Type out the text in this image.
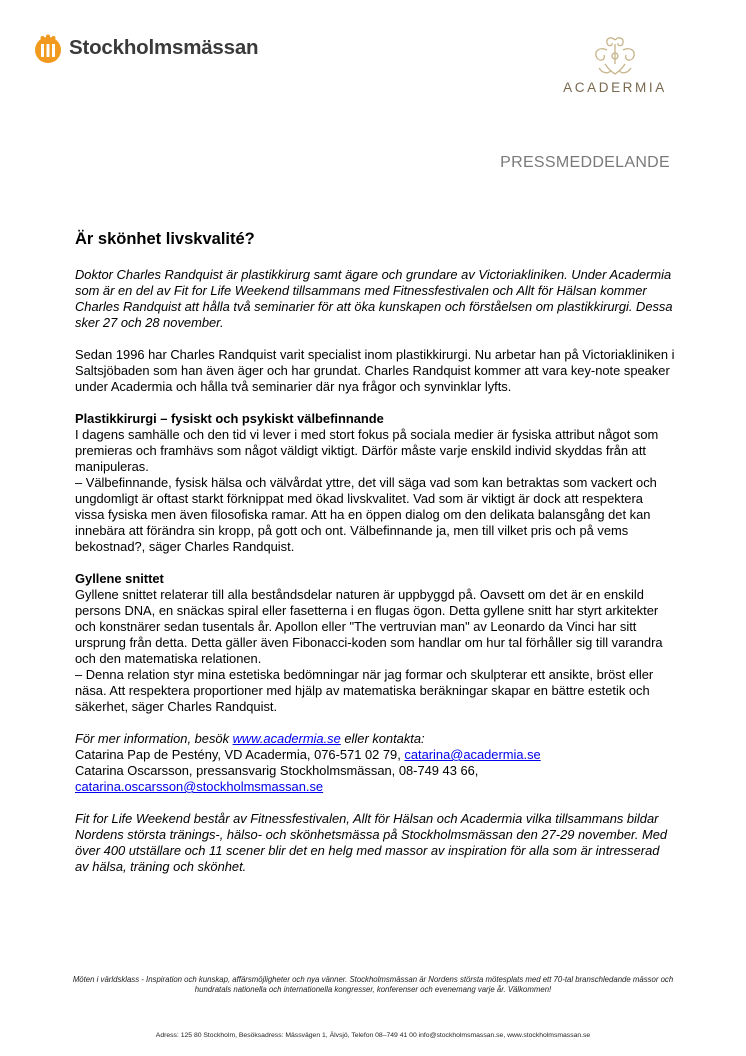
Stockholmsmässan
ACADERMIA
PRESSMEDDELANDE
Är skönhet livskvalité?

Doktor Charles Randquist är plastikkirurg samt ägare och grundare av Victoriakliniken. Under Acadermia som är en del av Fit for Life Weekend tillsammans med Fitnessfestivalen och Allt för Hälsan kommer Charles Randquist att hålla två seminarier för att öka kunskapen och förståelsen om plastikkirurgi. Dessa sker 27 och 28 november.

Sedan 1996 har Charles Randquist varit specialist inom plastikkirurgi. Nu arbetar han på Victoriakliniken i Saltsjöbaden som han även äger och har grundat. Charles Randquist kommer att vara key-note speaker under Acadermia och hålla två seminarier där nya frågor och synvinklar lyfts.

Plastikkirurgi – fysiskt och psykiskt välbefinnande

I dagens samhälle och den tid vi lever i med stort fokus på sociala medier är fysiska attribut något som premieras och framhävs som något väldigt viktigt. Därför måste varje enskild individ skyddas från att manipuleras.

– Välbefinnande, fysisk hälsa och välvårdat yttre, det vill säga vad som kan betraktas som vackert och ungdomligt är oftast starkt förknippat med ökad livskvalitet. Vad som är viktigt är dock att respektera vissa fysiska men även filosofiska ramar. Att ha en öppen dialog om den delikata balansgång det kan innebära att förändra sin kropp, på gott och ont. Välbefinnande ja, men till vilket pris och på vems bekostnad?, säger Charles Randquist.

Gyllene snittet

Gyllene snittet relaterar till alla beståndsdelar naturen är uppbyggd på. Oavsett om det är en enskild persons DNA, en snäckas spiral eller fasetterna i en flugas ögon. Detta gyllene snitt har styrt arkitekter och konstnärer sedan tusentals år. Apollon eller "The vertruvian man" av Leonardo da Vinci har sitt ursprung från detta. Detta gäller även Fibonacci-koden som handlar om hur tal förhåller sig till varandra och den matematiska relationen.

– Denna relation styr mina estetiska bedömningar när jag formar och skulpterar ett ansikte, bröst eller näsa. Att respektera proportioner med hjälp av matematiska beräkningar skapar en bättre estetik och säkerhet, säger Charles Randquist.

För mer information, besök www.acadermia.se eller kontakta:

Catarina Pap de Pestény, VD Acadermia, 076-571 02 79, catarina@acadermia.se

Catarina Oscarsson, pressansvarig Stockholmsmässan, 08-749 43 66,

catarina.oscarsson@stockholmsmassan.se

Fit for Life Weekend består av Fitnessfestivalen, Allt för Hälsan och Acadermia vilka tillsammans bildar Nordens största tränings-, hälso- och skönhetsmässa på Stockholmsmässan den 27-29 november. Med över 400 utställare och 11 scener blir det en helg med massor av inspiration för alla som är intresserad av hälsa, träning och skönhet.

Möten i världsklass - Inspiration och kunskap, affärsmöjligheter och nya vänner. Stockholmsmässan är Nordens största mötesplats med ett 70-tal branschledande mässor och hundratals nationella och internationella kongresser, konferenser och evenemang varje år. Välkommen!
Adress: 125 80 Stockholm, Besöksadress: Mässvägen 1, Älvsjö, Telefon 08–749 41 00 info@stockholmsmassan.se, www.stockholmsmassan.se
